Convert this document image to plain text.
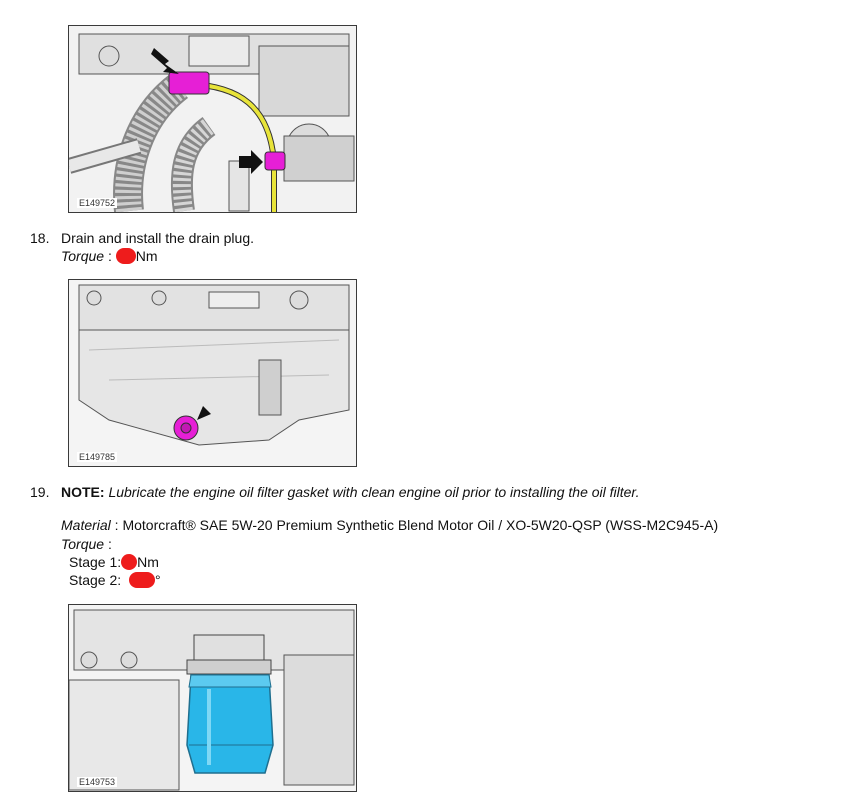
E149752
18. Drain and install the drain plug.
Torque : Nm
E149785
19. NOTE: Lubricate the engine oil filter gasket with clean engine oil prior to installing the oil filter.
Material : Motorcraft® SAE 5W-20 Premium Synthetic Blend Motor Oil / XO-5W20-QSP (WSS-M2C945-A)
Torque :
Stage 1: Nm
Stage 2: °
E149753
